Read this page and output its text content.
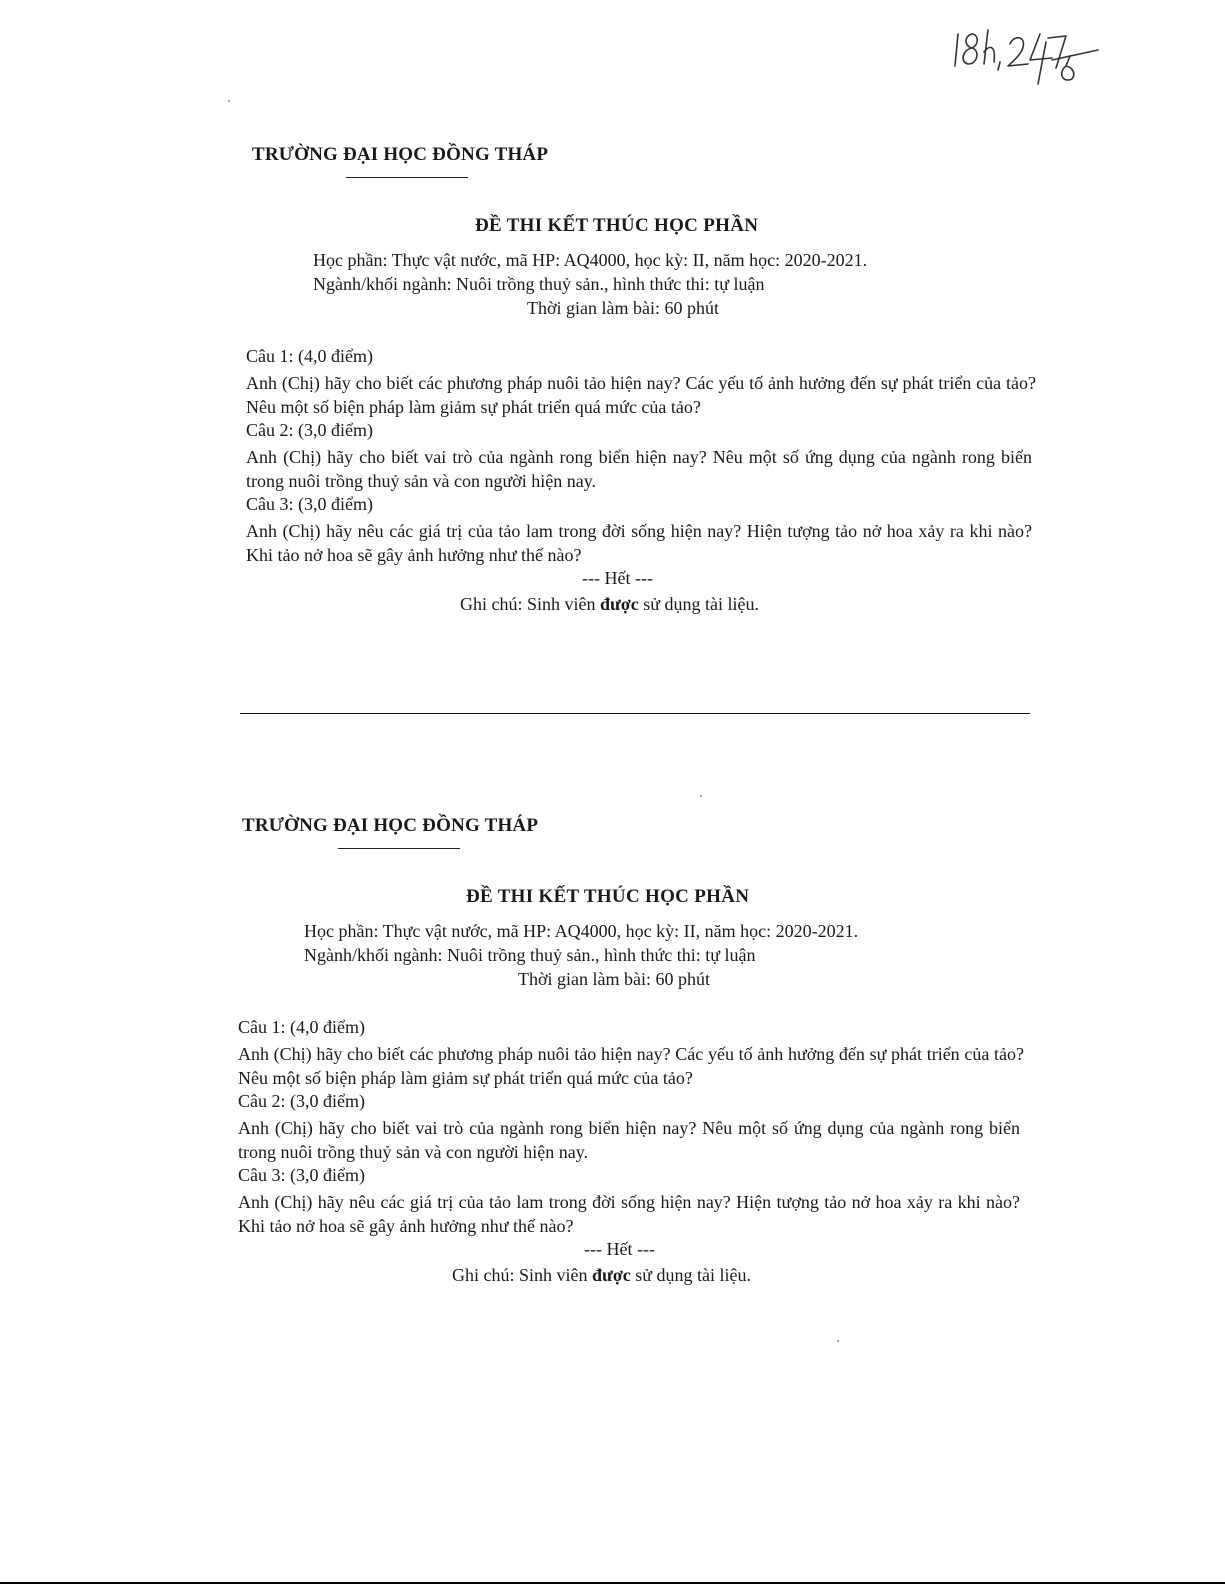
TRƯỜNG ĐẠI HỌC ĐỒNG THÁP
ĐỀ THI KẾT THÚC HỌC PHẦN
Học phần: Thực vật nước, mã HP: AQ4000, học kỳ: II, năm học: 2020-2021.
Ngành/khối ngành: Nuôi trồng thuỷ sản., hình thức thi: tự luận
Thời gian làm bài: 60 phút
Câu 1: (4,0 điểm)
Anh (Chị) hãy cho biết các phương pháp nuôi tảo hiện nay? Các yếu tố ảnh hưởng đến sự phát triển của tảo? Nêu một số biện pháp làm giảm sự phát triển quá mức của tảo?
Câu 2: (3,0 điểm)
Anh (Chị) hãy cho biết vai trò của ngành rong biển hiện nay? Nêu một số ứng dụng của ngành rong biển trong nuôi trồng thuỷ sản và con người hiện nay.
Câu 3: (3,0 điểm)
Anh (Chị) hãy nêu các giá trị của tảo lam trong đời sống hiện nay? Hiện tượng tảo nở hoa xảy ra khi nào? Khi tảo nở hoa sẽ gây ảnh hưởng như thế nào?
--- Hết ---
Ghi chú: Sinh viên được sử dụng tài liệu.
TRƯỜNG ĐẠI HỌC ĐỒNG THÁP
ĐỀ THI KẾT THÚC HỌC PHẦN
Học phần: Thực vật nước, mã HP: AQ4000, học kỳ: II, năm học: 2020-2021.
Ngành/khối ngành: Nuôi trồng thuỷ sản., hình thức thi: tự luận
Thời gian làm bài: 60 phút
Câu 1: (4,0 điểm)
Anh (Chị) hãy cho biết các phương pháp nuôi tảo hiện nay? Các yếu tố ảnh hưởng đến sự phát triển của tảo? Nêu một số biện pháp làm giảm sự phát triển quá mức của tảo?
Câu 2: (3,0 điểm)
Anh (Chị) hãy cho biết vai trò của ngành rong biển hiện nay? Nêu một số ứng dụng của ngành rong biển trong nuôi trồng thuỷ sản và con người hiện nay.
Câu 3: (3,0 điểm)
Anh (Chị) hãy nêu các giá trị của tảo lam trong đời sống hiện nay? Hiện tượng tảo nở hoa xảy ra khi nào? Khi tảo nở hoa sẽ gây ảnh hưởng như thế nào?
--- Hết ---
Ghi chú: Sinh viên được sử dụng tài liệu.
